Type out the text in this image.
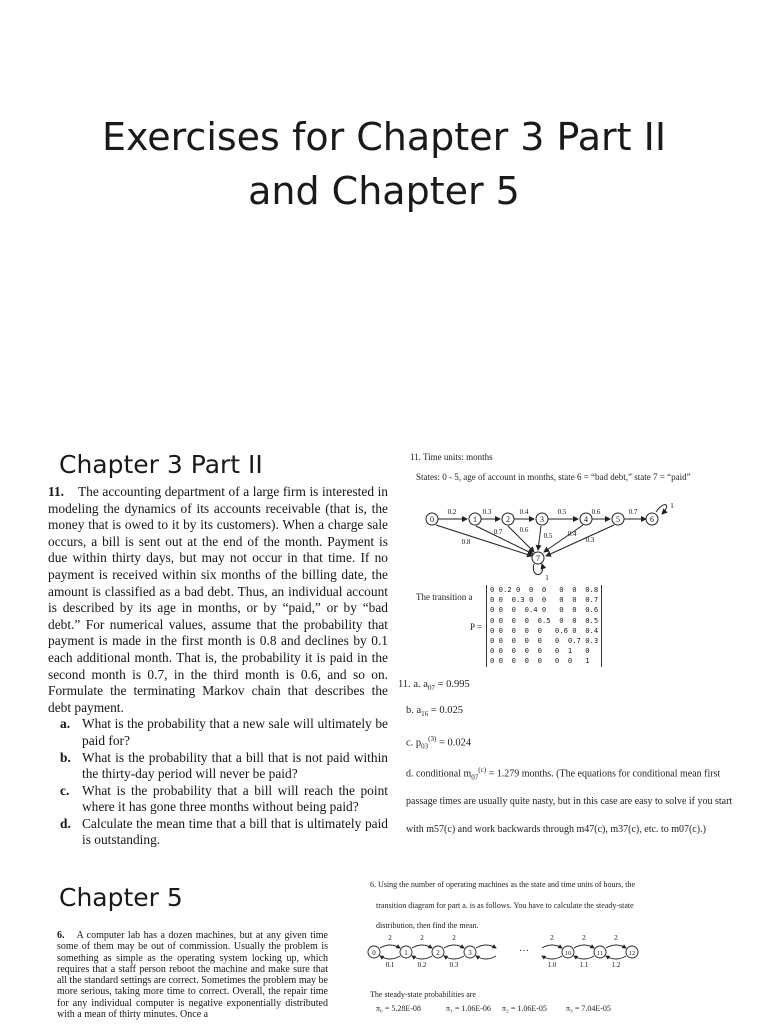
Exercises for Chapter 3 Part II
and Chapter 5
Chapter 3 Part II

11. The accounting department of a large firm is interested in modeling the dynamics of its accounts receivable (that is, the money that is owed to it by its customers). When a charge sale occurs, a bill is sent out at the end of the month. Payment is due within thirty days, but may not occur in that time. If no payment is received within six months of the billing date, the amount is classified as a bad debt. Thus, an individual account is described by its age in months, or by “paid,” or by “bad debt.” For numerical values, assume that the probability that payment is made in the first month is 0.8 and declines by 0.1 each additional month. That is, the probability it is paid in the second month is 0.7, in the third month is 0.6, and so on. Formulate the terminating Markov chain that describes the debt payment.

a. What is the probability that a new sale will ultimately be paid for?
b. What is the probability that a bill that is not paid within the thirty-day period will never be paid?
c. What is the probability that a bill will reach the point where it has gone three months without being paid?
d. Calculate the mean time that a bill that is ultimately paid is outstanding.
11. Time units: months
States: 0 - 5, age of account in months, state 6 = “bad debt,” state 7 = “paid”
0	1	2	3	4	5	6
7
0.2	0.3	0.4	0.5	0.6	0.7
0.8
0.7 0.6
0.5 0.4
0.3
1
1
The transition a
P =
0 0.2 0  0  0   0  0  0.8
0 0  0.3 0  0   0  0  0.7
0 0  0  0.4 0   0  0  0.6
0 0  0  0  0.5  0  0  0.5
0 0  0  0  0   0.6 0  0.4
0 0  0  0  0   0  0.7 0.3
0 0  0  0  0   0  1   0
0 0  0  0  0   0  0   1
11. a. $a_{07} = 0.995$
b. $a_{16} = 0.025$
c. $p_{03}^{(3)} = 0.024$
d. conditional $m_{07}^{(c)} = 1.279$ months. (The equations for conditional mean first
passage times are usually quite nasty, but in this case are easy to solve if you start
with m57(c) and work backwards through m47(c), m37(c), etc. to m07(c).)
Chapter 5
6. A computer lab has a dozen machines, but at any given time some of them may be out of commission. Usually the problem is something as simple as the operating system locking up, which requires that a staff person reboot the machine and make sure that all the standard settings are correct. Sometimes the problem may be more serious, taking more time to correct. Overall, the repair time for any individual computer is negative exponentially distributed with a mean of thirty minutes. Once a
6. Using the number of operating machines as the state and time units of hours, the
transition diagram for part a. is as follows. You have to calculate the steady-state
distribution, then find the mean.
0	1	2	3	10	11	12
2	2	2	2	2	2
0.1	0.2	0.3	1.0	1.1	1.2
···
The steady-state probabilities are
π₀ = 5.28E-08	π₁ = 1.06E-06 π₂ = 1.06E-05 π₃ = 7.04E-05
